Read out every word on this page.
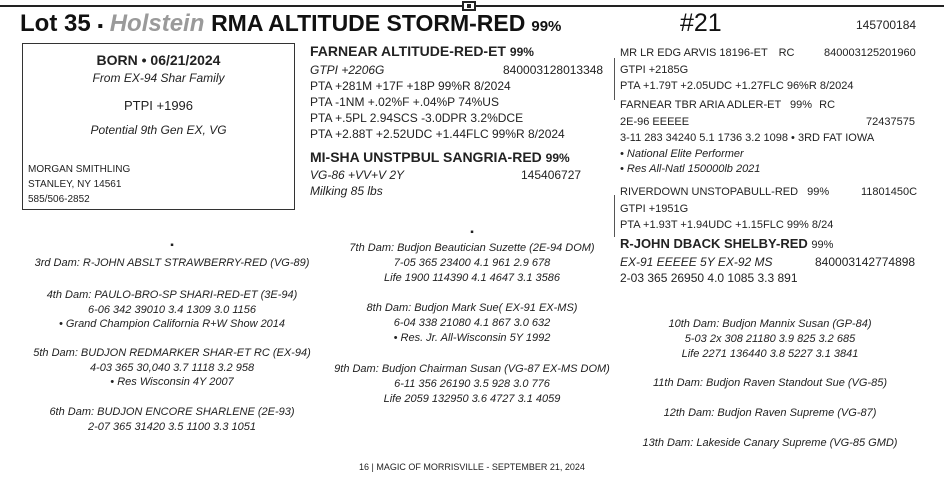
Lot 35 ▪ Holstein RMA ALTITUDE STORM-RED 99%	#21	145700184
BORN • 06/21/2024
From EX-94 Shar Family
PTPI +1996
Potential 9th Gen EX, VG
MORGAN SMITHLING
STANLEY, NY 14561
585/506-2852
FARNEAR ALTITUDE-RED-ET 99%
GTPI +2206G	840003128013348
PTA +281M +17F +18P 99%R 8/2024
PTA -1NM +.02%F +.04%P 74%US
PTA +.5PL 2.94SCS -3.0DPR 3.2%DCE
PTA +2.88T +2.52UDC +1.44FLC 99%R 8/2024
MI-SHA UNSTPBUL SANGRIA-RED 99%
VG-86 +VV+V 2Y	145406727
Milking 85 lbs
MR LR EDG ARVIS 18196-ET RC	840003125201960
GTPI +2185G
PTA +1.79T +2.05UDC +1.27FLC 96%R 8/2024
FARNEAR TBR ARIA ADLER-ET 99% RC
2E-96 EEEEE	72437575
3-11 283 34240 5.1 1736 3.2 1098 • 3RD FAT IOWA
• National Elite Performer
• Res All-Natl 150000lb 2021
RIVERDOWN UNSTOPABULL-RED 99%	11801450C
GTPI +1951G
PTA +1.93T +1.94UDC +1.15FLC 99% 8/24
R-JOHN DBACK SHELBY-RED 99%
EX-91 EEEEE 5Y EX-92 MS	840003142774898
2-03 365 26950 4.0 1085 3.3 891
▪
3rd Dam: R-JOHN ABSLT STRAWBERRY-RED (VG-89)
4th Dam: PAULO-BRO-SP SHARI-RED-ET (3E-94)
6-06 342 39010 3.4 1309 3.0 1156
• Grand Champion California R+W Show 2014
5th Dam: BUDJON REDMARKER SHAR-ET RC (EX-94)
4-03 365 30,040 3.7 1118 3.2 958
• Res Wisconsin 4Y 2007
6th Dam: BUDJON ENCORE SHARLENE (2E-93)
2-07 365 31420 3.5 1100 3.3 1051
▪
7th Dam: Budjon Beautician Suzette (2E-94 DOM)
7-05 365 23400 4.1 961 2.9 678
Life 1900 114390 4.1 4647 3.1 3586
8th Dam: Budjon Mark Sue( EX-91 EX-MS)
6-04 338 21080 4.1 867 3.0 632
• Res. Jr. All-Wisconsin 5Y 1992
9th Dam: Budjon Chairman Susan (VG-87 EX-MS DOM)
6-11 356 26190 3.5 928 3.0 776
Life 2059 132950 3.6 4727 3.1 4059
10th Dam: Budjon Mannix Susan (GP-84)
5-03 2x 308 21180 3.9 825 3.2 685
Life 2271 136440 3.8 5227 3.1 3841
11th Dam: Budjon Raven Standout Sue (VG-85)
12th Dam: Budjon Raven Supreme (VG-87)
13th Dam: Lakeside Canary Supreme (VG-85 GMD)
16 | MAGIC OF MORRISVILLE - SEPTEMBER 21, 2024
